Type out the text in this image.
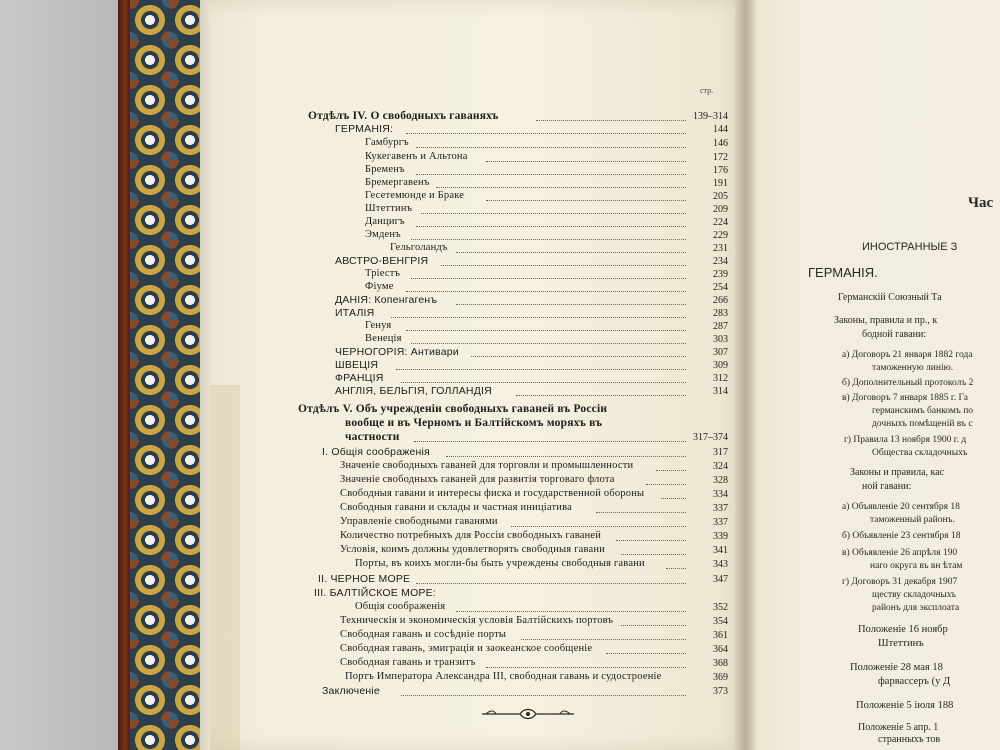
стр.
Отдѣлъ IV. О свободныхъ гаваняхъ	139–314
ГЕРМАНІЯ:	144
Гамбургъ	146
Кукегавенъ и Альтона	172
Бременъ	176
Бремергавенъ	191
Гесетемюнде и Браке	205
Штеттинъ	209
Данцигъ	224
Эмденъ	229
Гельголандъ	231
АВСТРО-ВЕНГРІЯ	234
Тріестъ	239
Фіуме	254
ДАНІЯ: Копенгагенъ	266
ИТАЛІЯ	283
Генуя	287
Венеція	303
ЧЕРНОГОРІЯ: Антивари	307
ШВЕЦІЯ	309
ФРАНЦІЯ	312
АНГЛІЯ, БЕЛЬГІЯ, ГОЛЛАНДІЯ	314
Отдѣлъ V. Объ учрежденіи свободныхъ гаваней въ Россіи
вообще и въ Черномъ и Балтійскомъ моряхъ въ
частности	317–374
I. Общія соображенія	317
Значеніе свободныхъ гаваней для торговли и промышленности	324
Значеніе свободныхъ гаваней для развитія торговаго флота	328
Свободныя гавани и интересы фиска и государственной обороны	334
Свободныя гавани и склады и частная иниціатива	337
Управленіе свободными гаванями	337
Количество потребныхъ для Россіи свободныхъ гаваней	339
Условія, коимъ должны удовлетворять свободныя гавани	341
Порты, въ коихъ могли-бы быть учреждены свободныя гавани	343
II. ЧЕРНОЕ МОРЕ	347
III. БАЛТІЙСКОЕ МОРЕ:
Общія соображенія	352
Техническія и экономическія условія Балтійскихъ портовъ	354
Свободная гавань и сосѣдніе порты	361
Свободная гавань, эмиграція и заокеанское сообщеніе	364
Свободная гавань и транзитъ	368
Портъ Императора Александра III, свободная гавань и судостроеніе	369
Заключеніе	373
Час
ИНОСТРАННЫЕ З
ГЕРМАНІЯ.
Германскій Союзный Та
Законы, правила и пр., к
бодной гавани:
а) Договоръ 21 января 1882 года
таможенную линію.
б) Дополнительный протоколъ 2
в) Договоръ 7 января 1885 г. Га
германскимъ банкомъ по
дочныхъ помѣщеній въ с
г) Правила 13 ноября 1900 г. д
Общества складочныхъ
Законы и правила, кас
ной гавани:
а) Объявленіе 20 сентября 18
таможенный районъ.
б) Объявленіе 23 сентября 18
в) Объявленіе 26 апрѣля 190
наго округа въ вн ѣтам
г) Договоръ 31 декабря 1907
ществу складочныхъ
районъ для эксплоата
Положеніе 16 ноябр
Штеттинъ
Положеніе 28 мая 18
фарвассеръ (у Д
Положеніе 5 іюля 188
Положеніе 5 апр. 1
странныхъ тов
